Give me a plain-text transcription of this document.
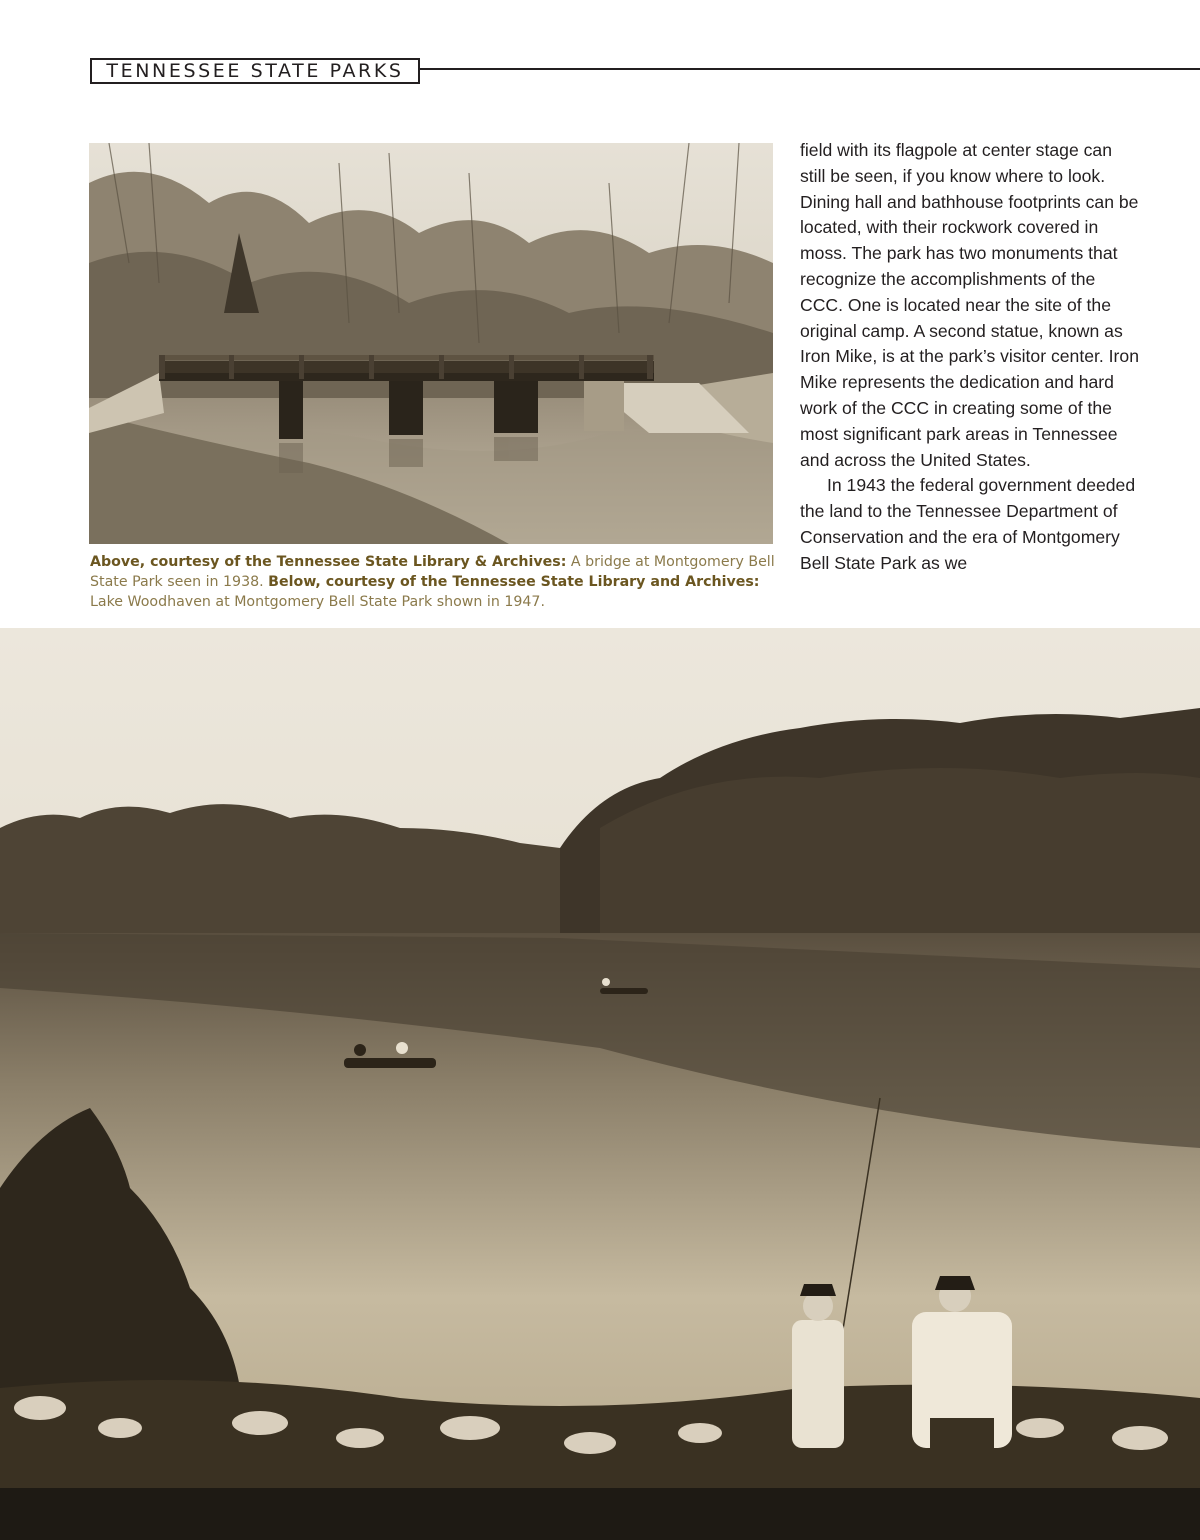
TENNESSEE STATE PARKS
Above, courtesy of the Tennessee State Library & Archives: A bridge at Montgomery Bell State Park seen in 1938. Below, courtesy of the Tennessee State Library and Archives: Lake Woodhaven at Montgomery Bell State Park shown in 1947.

field with its flagpole at center stage can still be seen, if you know where to look. Dining hall and bathhouse footprints can be located, with their rockwork covered in moss. The park has two monuments that recognize the accomplishments of the CCC. One is located near the site of the original camp. A second statue, known as Iron Mike, is at the park’s visitor center. Iron Mike represents the dedication and hard work of the CCC in creating some of the most significant park areas in Tennessee and across the United States.

In 1943 the federal government deeded the land to the Tennessee Department of Conservation and the era of Montgomery Bell State Park as we
